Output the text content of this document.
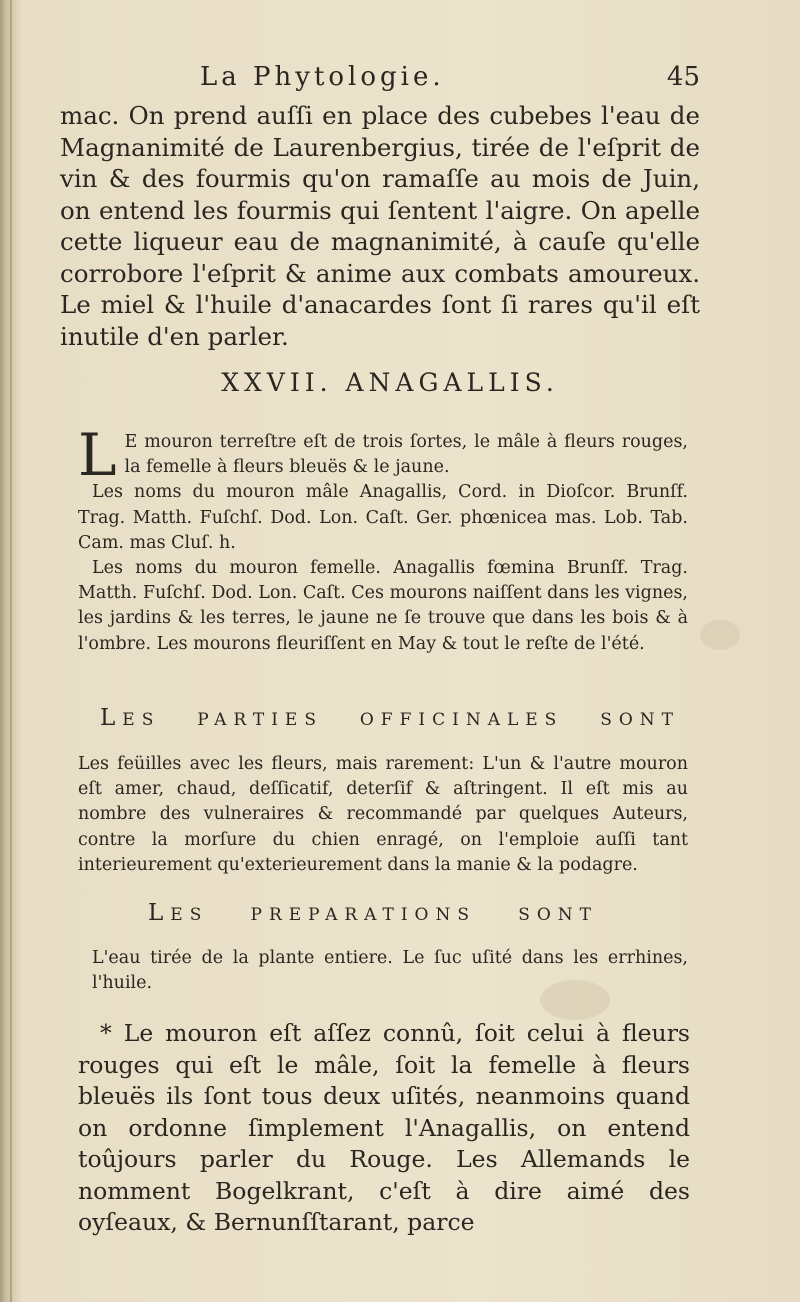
La Phytologie.	45

mac. On prend auſſi en place des cubebes l'eau de Magnanimité de Laurenbergius, tirée de l'eſprit de vin & des fourmis qu'on ramaſſe au mois de Juin, on entend les fourmis qui ſentent l'aigre. On apelle cette liqueur eau de magnanimité, à cauſe qu'elle corrobore l'eſprit & anime aux combats amoureux. Le miel & l'huile d'anacardes ſont ſi rares qu'il eſt inutile d'en parler.

XXVII. ANAGALLIS.

L E mouron terreſtre eſt de trois ſortes, le mâle à fleurs rouges, la femelle à fleurs bleuës & le jaune.

Les noms du mouron mâle Anagallis, Cord. in Dioſcor. Brunſf. Trag. Matth. Fuſchſ. Dod. Lon. Caſt. Ger. phœnicea mas. Lob. Tab. Cam. mas Cluſ. h.

Les noms du mouron femelle. Anagallis fœmina Brunſf. Trag. Matth. Fuſchſ. Dod. Lon. Caſt. Ces mourons naiſſent dans les vignes, les jardins & les terres, le jaune ne ſe trouve que dans les bois & à l'ombre. Les mourons fleuriſſent en May & tout le reſte de l'été.

LES PARTIES OFFICINALES SONT

Les feüilles avec les fleurs, mais rarement: L'un & l'autre mouron eſt amer, chaud, deſſicatif, deterſif & aſtringent. Il eſt mis au nombre des vulneraires & recommandé par quelques Auteurs, contre la morſure du chien enragé, on l'emploie auſſi tant interieurement qu'exterieurement dans la manie & la podagre.

LES PREPARATIONS SONT

L'eau tirée de la plante entiere. Le ſuc uſité dans les errhines, l'huile.

* Le mouron eſt aſſez connû, ſoit celui à fleurs rouges qui eſt le mâle, ſoit la femelle à fleurs bleuës ils ſont tous deux uſités, neanmoins quand on ordonne ſimplement l'Anagallis, on entend toûjours parler du Rouge. Les Allemands le nomment Bogelkrant, c'eſt à dire aimé des oyſeaux, & Bernunſſtarant, parce
